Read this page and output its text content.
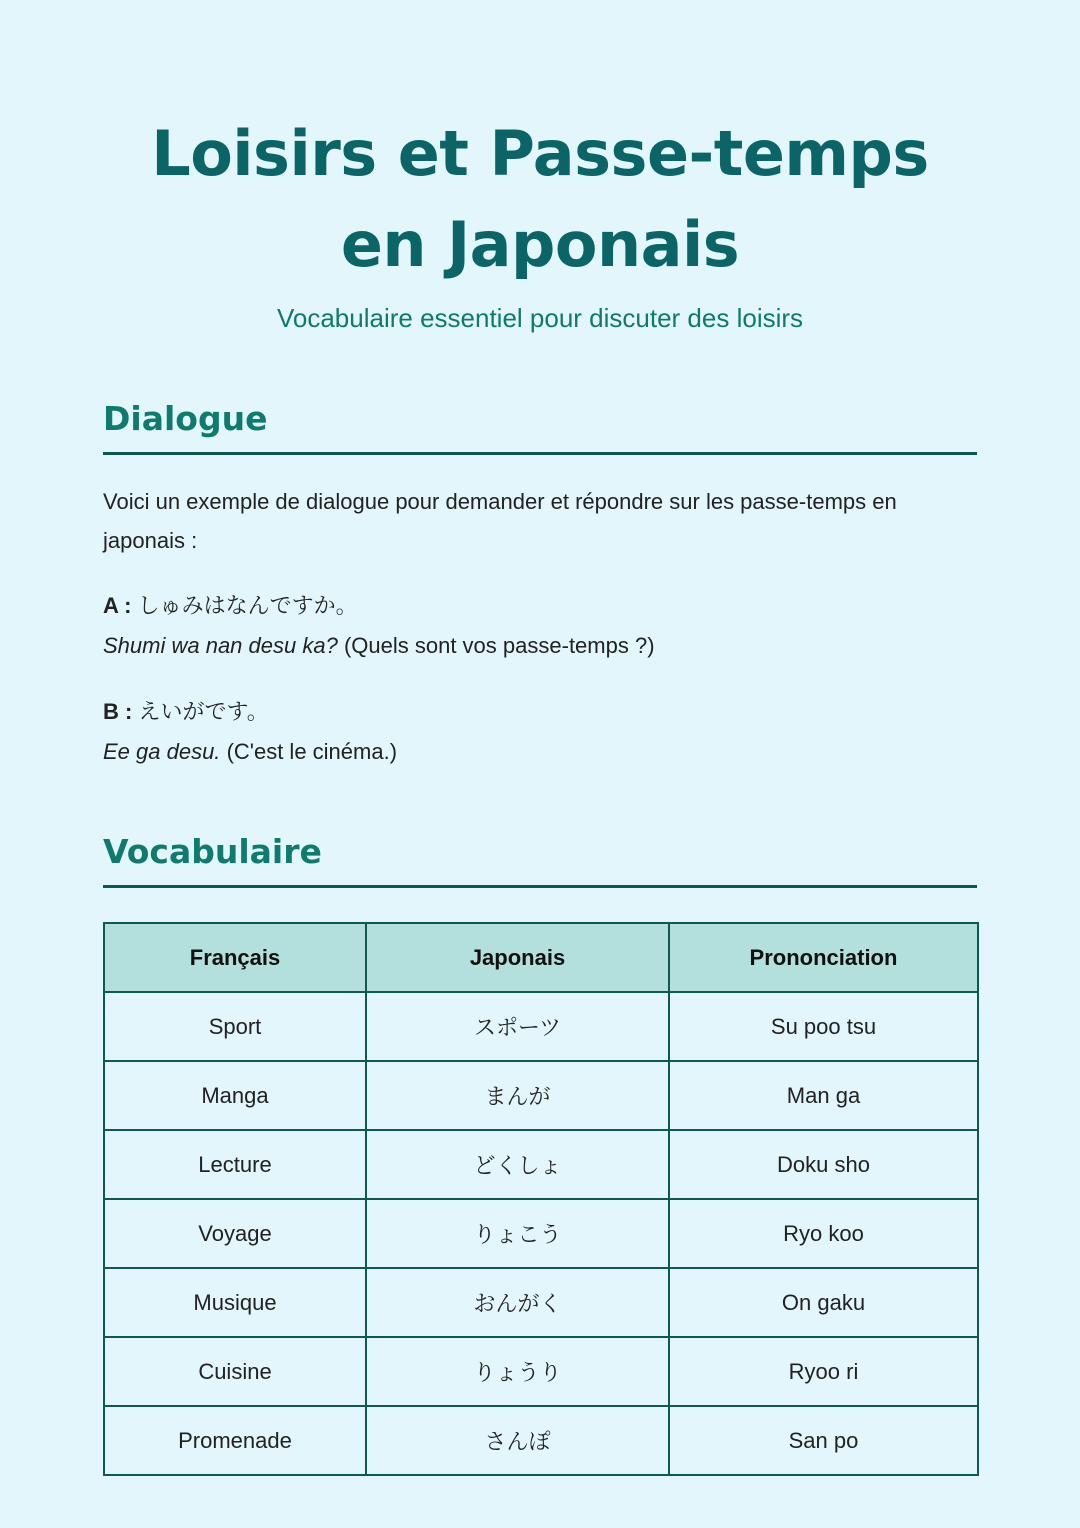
Loisirs et Passe-temps en Japonais
Vocabulaire essentiel pour discuter des loisirs
Dialogue
Voici un exemple de dialogue pour demander et répondre sur les passe-temps en japonais :
A : しゅみはなんですか。
Shumi wa nan desu ka? (Quels sont vos passe-temps ?)
B : えいがです。
Ee ga desu. (C'est le cinéma.)
Vocabulaire
Français	Japonais	Prononciation
Sport	スポーツ	Su poo tsu
Manga	まんが	Man ga
Lecture	どくしょ	Doku sho
Voyage	りょこう	Ryo koo
Musique	おんがく	On gaku
Cuisine	りょうり	Ryoo ri
Promenade	さんぽ	San po
